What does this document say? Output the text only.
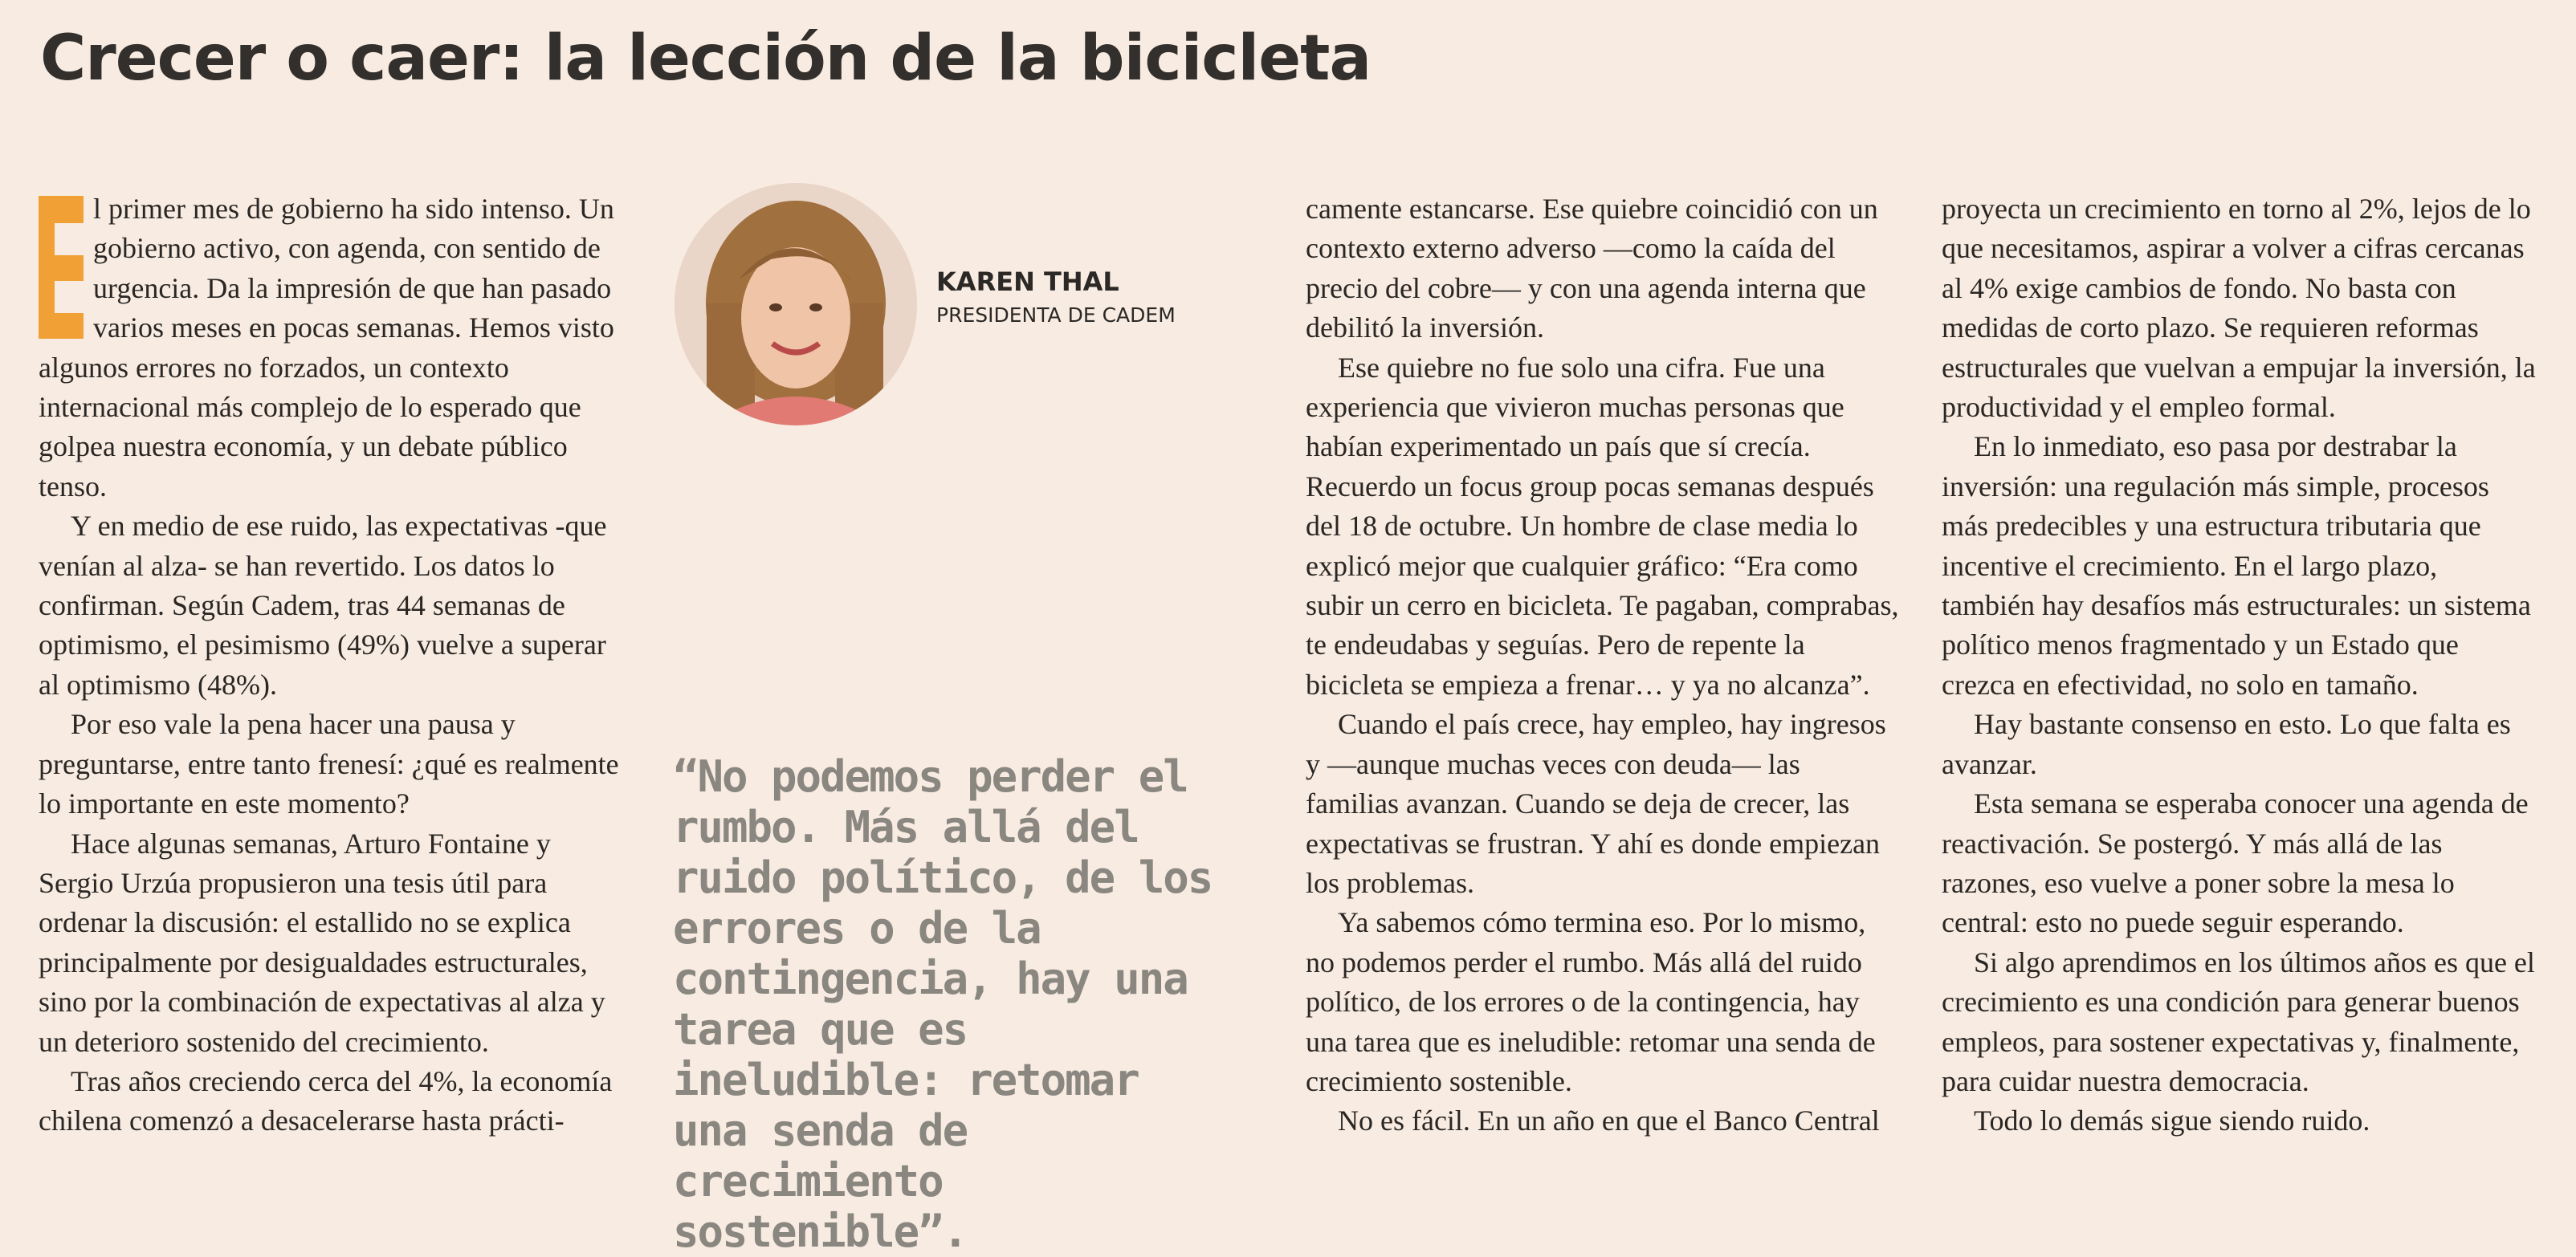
Crecer o caer: la lección de la bicicleta

l primer mes de gobierno ha sido intenso. Un gobierno activo, con agenda, con sentido de urgencia. Da la impresión de que han pasado varios meses en pocas semanas. Hemos visto algunos errores no forzados, un contexto internacional más complejo de lo esperado que golpea nuestra economía, y un debate público tenso.

Y en medio de ese ruido, las expectativas -que venían al alza- se han revertido. Los datos lo confirman. Según Cadem, tras 44 semanas de optimismo, el pesimismo (49%) vuelve a superar al optimismo (48%).

Por eso vale la pena hacer una pausa y preguntarse, entre tanto frenesí: ¿qué es realmente lo importante en este momento?

Hace algunas semanas, Arturo Fontaine y Sergio Urzúa propusieron una tesis útil para ordenar la discusión: el estallido no se explica principalmente por desigualdades estructurales, sino por la combinación de expectativas al alza y un deterioro sostenido del crecimiento.

Tras años creciendo cerca del 4%, la economía chilena comenzó a desacelerarse hasta prácti-

KAREN THAL

PRESIDENTA DE CADEM

“No podemos perder el rumbo. Más allá del ruido político, de los errores o de la contingencia, hay una tarea que es ineludible: retomar una senda de crecimiento sostenible”.

camente estancarse. Ese quiebre coincidió con un contexto externo adverso —como la caída del precio del cobre— y con una agenda interna que debilitó la inversión.

Ese quiebre no fue solo una cifra. Fue una experiencia que vivieron muchas personas que habían experimentado un país que sí crecía. Recuerdo un focus group pocas semanas después del 18 de octubre. Un hombre de clase media lo explicó mejor que cualquier gráfico: “Era como subir un cerro en bicicleta. Te pagaban, comprabas, te endeudabas y seguías. Pero de repente la bicicleta se empieza a frenar… y ya no alcanza”.

Cuando el país crece, hay empleo, hay ingresos y —aunque muchas veces con deuda— las familias avanzan. Cuando se deja de crecer, las expectativas se frustran. Y ahí es donde empiezan los problemas.

Ya sabemos cómo termina eso. Por lo mismo, no podemos perder el rumbo. Más allá del ruido político, de los errores o de la contingencia, hay una tarea que es ineludible: retomar una senda de crecimiento sostenible.

No es fácil. En un año en que el Banco Central

proyecta un crecimiento en torno al 2%, lejos de lo que necesitamos, aspirar a volver a cifras cercanas al 4% exige cambios de fondo. No basta con medidas de corto plazo. Se requieren reformas estructurales que vuelvan a empujar la inversión, la productividad y el empleo formal.

En lo inmediato, eso pasa por destrabar la inversión: una regulación más simple, procesos más predecibles y una estructura tributaria que incentive el crecimiento. En el largo plazo, también hay desafíos más estructurales: un sistema político menos fragmentado y un Estado que crezca en efectividad, no solo en tamaño.

Hay bastante consenso en esto. Lo que falta es avanzar.

Esta semana se esperaba conocer una agenda de reactivación. Se postergó. Y más allá de las razones, eso vuelve a poner sobre la mesa lo central: esto no puede seguir esperando.

Si algo aprendimos en los últimos años es que el crecimiento es una condición para generar buenos empleos, para sostener expectativas y, finalmente, para cuidar nuestra democracia.

Todo lo demás sigue siendo ruido.
